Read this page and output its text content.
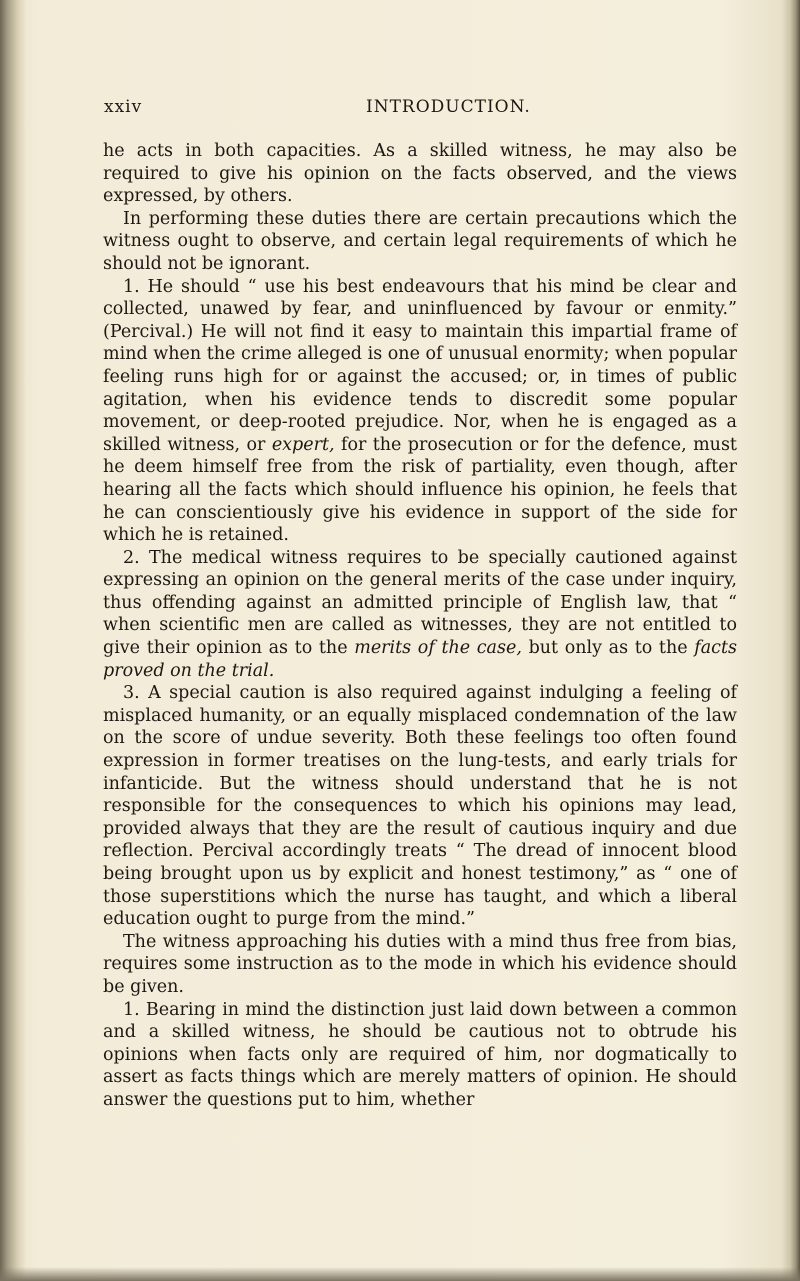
xxiv	INTRODUCTION.

he acts in both capacities. As a skilled witness, he may also be required to give his opinion on the facts observed, and the views expressed, by others.

In performing these duties there are certain precautions which the witness ought to observe, and certain legal requirements of which he should not be ignorant.

1. He should “ use his best endeavours that his mind be clear and collected, unawed by fear, and uninfluenced by favour or enmity.” (Percival.) He will not find it easy to maintain this impartial frame of mind when the crime alleged is one of unusual enormity; when popular feeling runs high for or against the accused; or, in times of public agitation, when his evidence tends to discredit some popular movement, or deep-rooted prejudice. Nor, when he is engaged as a skilled witness, or expert, for the prosecution or for the defence, must he deem himself free from the risk of partiality, even though, after hearing all the facts which should influence his opinion, he feels that he can conscientiously give his evidence in support of the side for which he is retained.

2. The medical witness requires to be specially cautioned against expressing an opinion on the general merits of the case under inquiry, thus offending against an admitted principle of English law, that “ when scientific men are called as witnesses, they are not entitled to give their opinion as to the merits of the case, but only as to the facts proved on the trial.

3. A special caution is also required against indulging a feeling of misplaced humanity, or an equally misplaced condemnation of the law on the score of undue severity. Both these feelings too often found expression in former treatises on the lung-tests, and early trials for infanticide. But the witness should understand that he is not responsible for the consequences to which his opinions may lead, provided always that they are the result of cautious inquiry and due reflection. Percival accordingly treats “ The dread of innocent blood being brought upon us by explicit and honest testimony,” as “ one of those superstitions which the nurse has taught, and which a liberal education ought to purge from the mind.”

The witness approaching his duties with a mind thus free from bias, requires some instruction as to the mode in which his evidence should be given.

1. Bearing in mind the distinction just laid down between a common and a skilled witness, he should be cautious not to obtrude his opinions when facts only are required of him, nor dogmatically to assert as facts things which are merely matters of opinion. He should answer the questions put to him, whether
